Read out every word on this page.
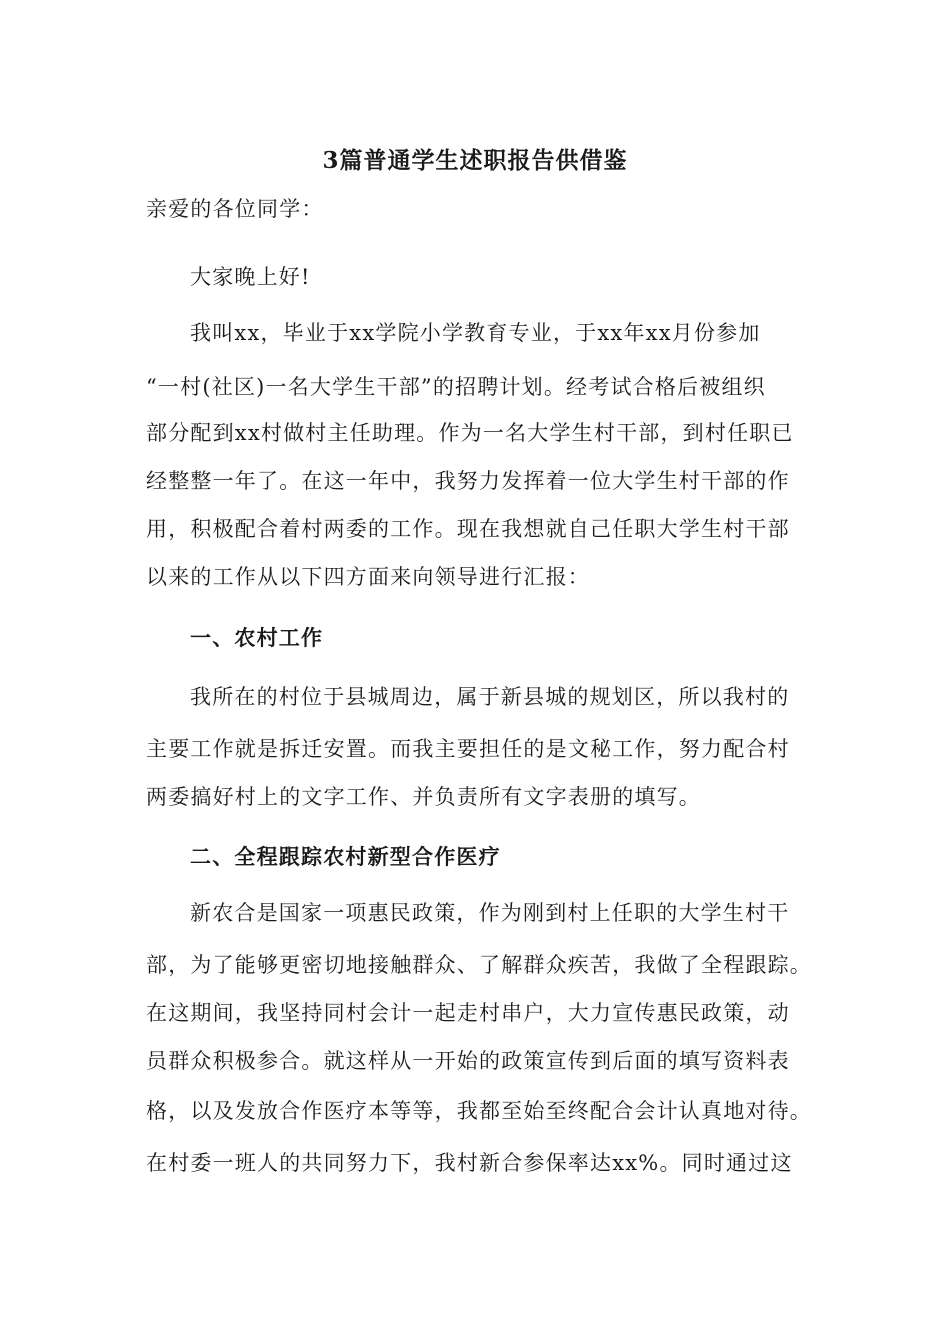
3篇普通学生述职报告供借鉴
亲爱的各位同学：
大家晚上好!
我叫xx，毕业于xx学院小学教育专业，于xx年xx月份参加
“一村(社区)一名大学生干部”的招聘计划。经考试合格后被组织
部分配到xx村做村主任助理。作为一名大学生村干部，到村任职已
经整整一年了。在这一年中，我努力发挥着一位大学生村干部的作
用，积极配合着村两委的工作。现在我想就自己任职大学生村干部
以来的工作从以下四方面来向领导进行汇报：
一、农村工作
我所在的村位于县城周边，属于新县城的规划区，所以我村的
主要工作就是拆迁安置。而我主要担任的是文秘工作，努力配合村
两委搞好村上的文字工作、并负责所有文字表册的填写。
二、全程跟踪农村新型合作医疗
新农合是国家一项惠民政策，作为刚到村上任职的大学生村干
部，为了能够更密切地接触群众、了解群众疾苦，我做了全程跟踪。
在这期间，我坚持同村会计一起走村串户，大力宣传惠民政策，动
员群众积极参合。就这样从一开始的政策宣传到后面的填写资料表
格，以及发放合作医疗本等等，我都至始至终配合会计认真地对待。
在村委一班人的共同努力下，我村新合参保率达xx%。同时通过这
